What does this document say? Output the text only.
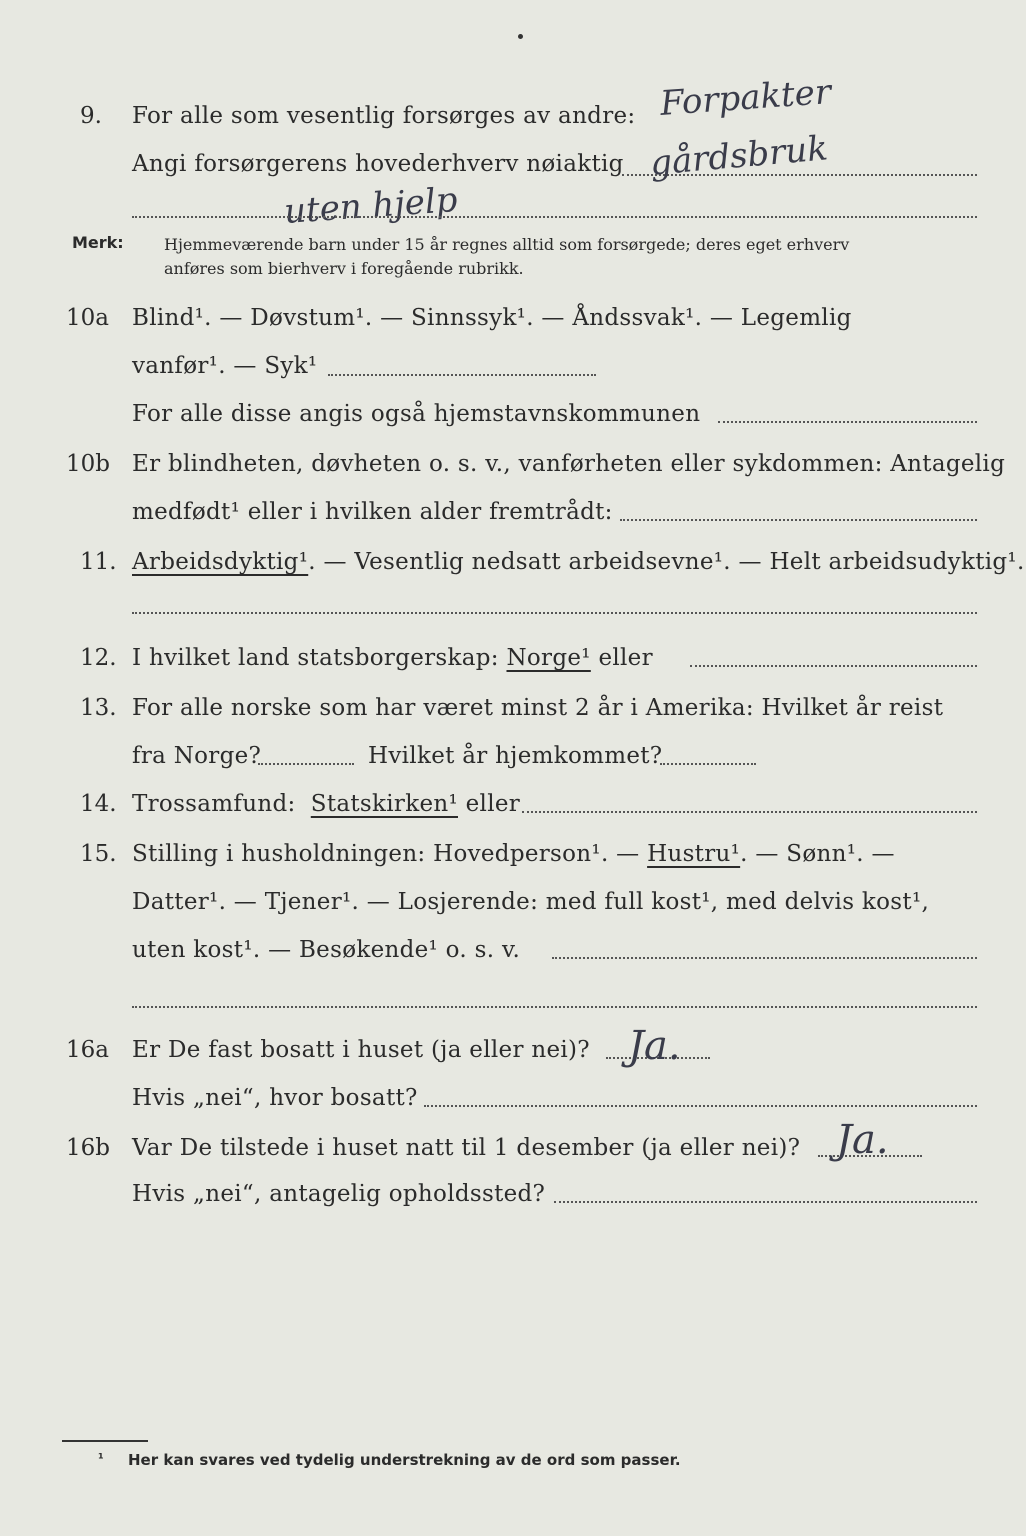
9. For alle som vesentlig forsørges av andre: Forpakter
Angi forsørgerens hovederhverv nøiaktig gårdsbruk
uten hjelp
Merk:	Hjemmeværende barn under 15 år regnes alltid som forsørgede; deres eget erhverv
anføres som bierhverv i foregående rubrikk.
10a Blind¹. — Døvstum¹. — Sinnssyk¹. — Åndssvak¹. — Legemlig
vanfør¹. — Syk¹
For alle disse angis også hjemstavnskommunen
10b Er blindheten, døvheten o. s. v., vanførheten eller sykdommen: Antagelig
medfødt¹ eller i hvilken alder fremtrådt:
11. Arbeidsdyktig¹. — Vesentlig nedsatt arbeidsevne¹. — Helt arbeidsudyktig¹.
12. I hvilket land statsborgerskap: Norge¹ eller
13. For alle norske som har været minst 2 år i Amerika: Hvilket år reist
fra Norge?	Hvilket år hjemkommet?
14. Trossamfund: Statskirken¹ eller
15. Stilling i husholdningen: Hovedperson¹. — Hustru¹. — Sønn¹. —
Datter¹. — Tjener¹. — Losjerende: med full kost¹, med delvis kost¹,
uten kost¹. — Besøkende¹ o. s. v.
16a Er De fast bosatt i huset (ja eller nei)? Ja.
Hvis „nei“, hvor bosatt?
16b Var De tilstede i huset natt til 1 desember (ja eller nei)? Ja.
Hvis „nei“, antagelig opholdssted?
¹ Her kan svares ved tydelig understrekning av de ord som passer.
